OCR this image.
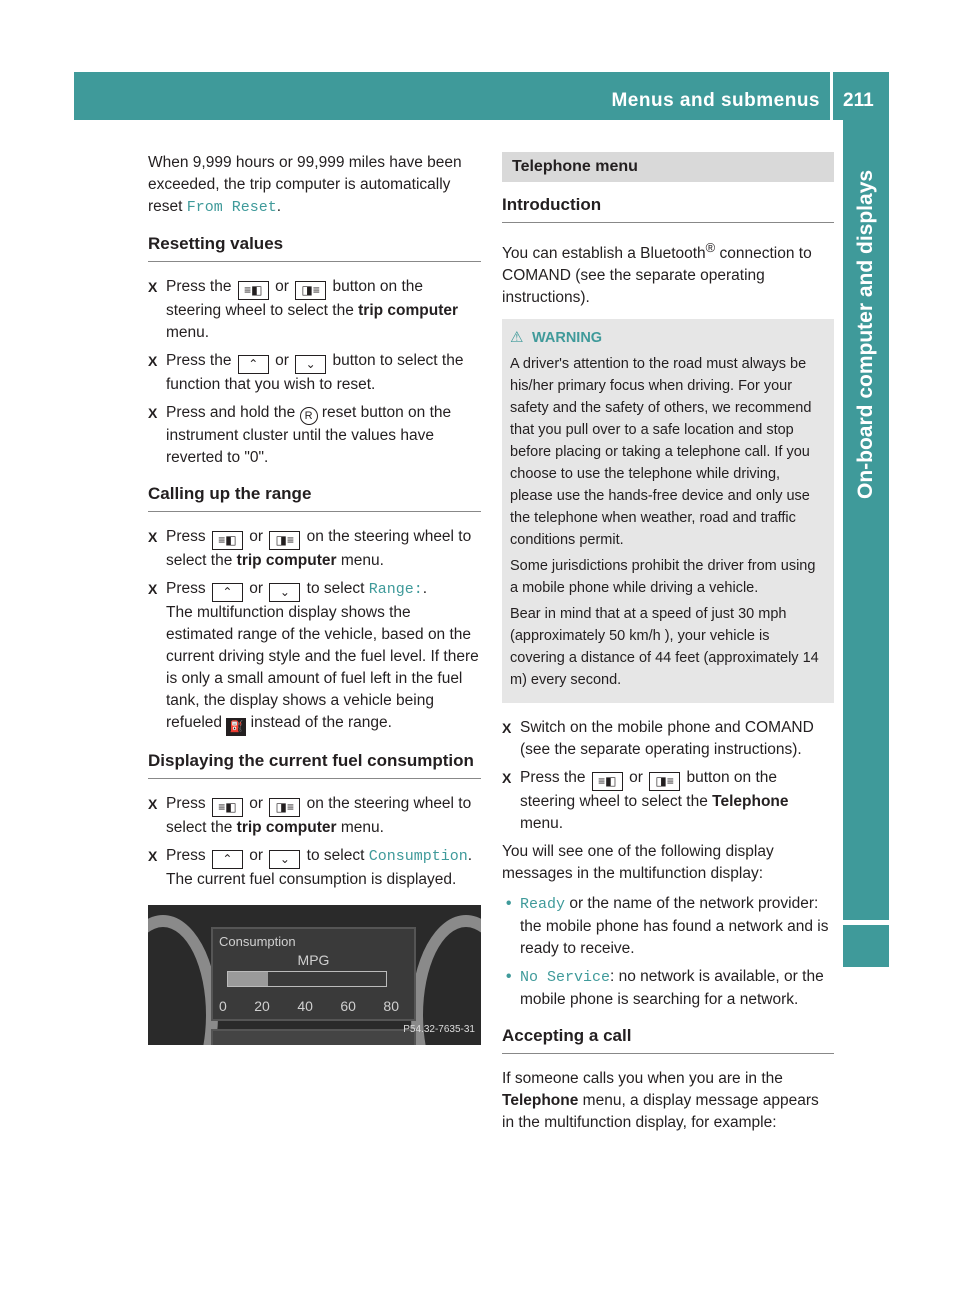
Menus and submenus 211
On-board computer and displays

When 9,999 hours or 99,999 miles have been exceeded, the trip computer is automatically reset From Reset.

Resetting values
X Press the ≡◧ or ◨≡ button on the steering wheel to select the trip computer menu.
X Press the ⌃ or ⌄ button to select the function that you wish to reset.
X Press and hold the R reset button on the instrument cluster until the values have reverted to "0".
Calling up the range
X Press ≡◧ or ◨≡ on the steering wheel to select the trip computer menu.
X Press ⌃ or ⌄ to select Range:.
The multifunction display shows the estimated range of the vehicle, based on the current driving style and the fuel level. If there is only a small amount of fuel left in the fuel tank, the display shows a vehicle being refueled ⛽ instead of the range.
Displaying the current fuel consumption
X Press ≡◧ or ◨≡ on the steering wheel to select the trip computer menu.
X Press ⌃ or ⌄ to select Consumption.
The current fuel consumption is displayed.
Consumption
MPG
0 20 40 60 80
P54.32-7635-31
Telephone menu
Introduction

You can establish a Bluetooth® connection to COMAND (see the separate operating instructions).

⚠ WARNING

A driver's attention to the road must always be his/her primary focus when driving. For your safety and the safety of others, we recommend that you pull over to a safe location and stop before placing or taking a telephone call. If you choose to use the telephone while driving, please use the hands-free device and only use the telephone when weather, road and traffic conditions permit.

Some jurisdictions prohibit the driver from using a mobile phone while driving a vehicle.

Bear in mind that at a speed of just 30 mph (approximately 50 km/h ), your vehicle is covering a distance of 44 feet (approximately 14 m) every second.

X Switch on the mobile phone and COMAND (see the separate operating instructions).
X Press the ≡◧ or ◨≡ button on the steering wheel to select the Telephone menu.

You will see one of the following display messages in the multifunction display:

• Ready or the name of the network provider: the mobile phone has found a network and is ready to receive.
• No Service: no network is available, or the mobile phone is searching for a network.
Accepting a call

If someone calls you when you are in the Telephone menu, a display message appears in the multifunction display, for example:
